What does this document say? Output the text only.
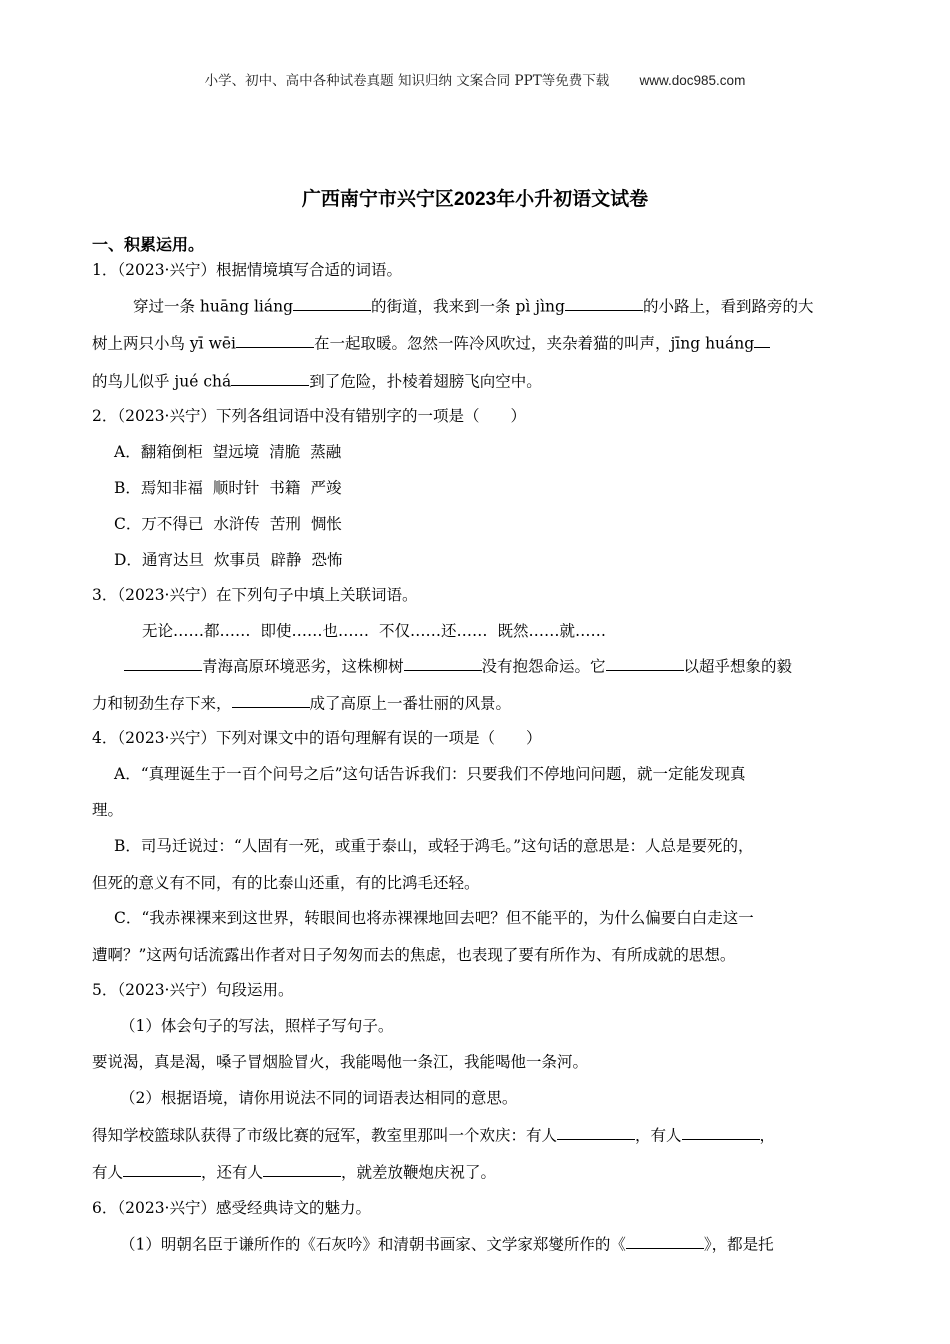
小学、初中、高中各种试卷真题 知识归纳 文案合同 PPT等免费下载 www.doc985.com
广西南宁市兴宁区2023年小升初语文试卷
一、积累运用。
1．（2023·兴宁）根据情境填写合适的词语。
穿过一条 huāng liáng	的街道，我来到一条 pì jìng	的小路上，看到路旁的大
树上两只小鸟 yī wēi	在一起取暖。忽然一阵冷风吹过，夹杂着猫的叫声，jīng huáng
的鸟儿似乎 jué chá	到了危险，扑棱着翅膀飞向空中。
2．（2023·兴宁）下列各组词语中没有错别字的一项是（　　）
A．翻箱倒柜 望远境 清脆 蒸融
B．焉知非福 顺时针 书籍 严竣
C．万不得已 水浒传 苦刑 惆怅
D．通宵达旦 炊事员 辟静 恐怖
3．（2023·兴宁）在下列句子中填上关联词语。
无论……都…… 即使……也…… 不仅……还…… 既然……就……
青海高原环境恶劣，这株柳树	没有抱怨命运。它	以超乎想象的毅
力和韧劲生存下来，	成了高原上一番壮丽的风景。
4．（2023·兴宁）下列对课文中的语句理解有误的一项是（　　）
A．“真理诞生于一百个问号之后”这句话告诉我们：只要我们不停地问问题，就一定能发现真
理。
B．司马迁说过：“人固有一死，或重于泰山，或轻于鸿毛。”这句话的意思是：人总是要死的，
但死的意义有不同，有的比泰山还重，有的比鸿毛还轻。
C．“我赤裸裸来到这世界，转眼间也将赤裸裸地回去吧？但不能平的，为什么偏要白白走这一
遭啊？”这两句话流露出作者对日子匆匆而去的焦虑，也表现了要有所作为、有所成就的思想。
5．（2023·兴宁）句段运用。
（1）体会句子的写法，照样子写句子。
要说渴，真是渴，嗓子冒烟脸冒火，我能喝他一条江，我能喝他一条河。
（2）根据语境，请你用说法不同的词语表达相同的意思。
得知学校篮球队获得了市级比赛的冠军，教室里那叫一个欢庆：有人	，有人	，
有人	，还有人	，就差放鞭炮庆祝了。
6．（2023·兴宁）感受经典诗文的魅力。
（1）明朝名臣于谦所作的《石灰吟》和清朝书画家、文学家郑燮所作的《	》，都是托
